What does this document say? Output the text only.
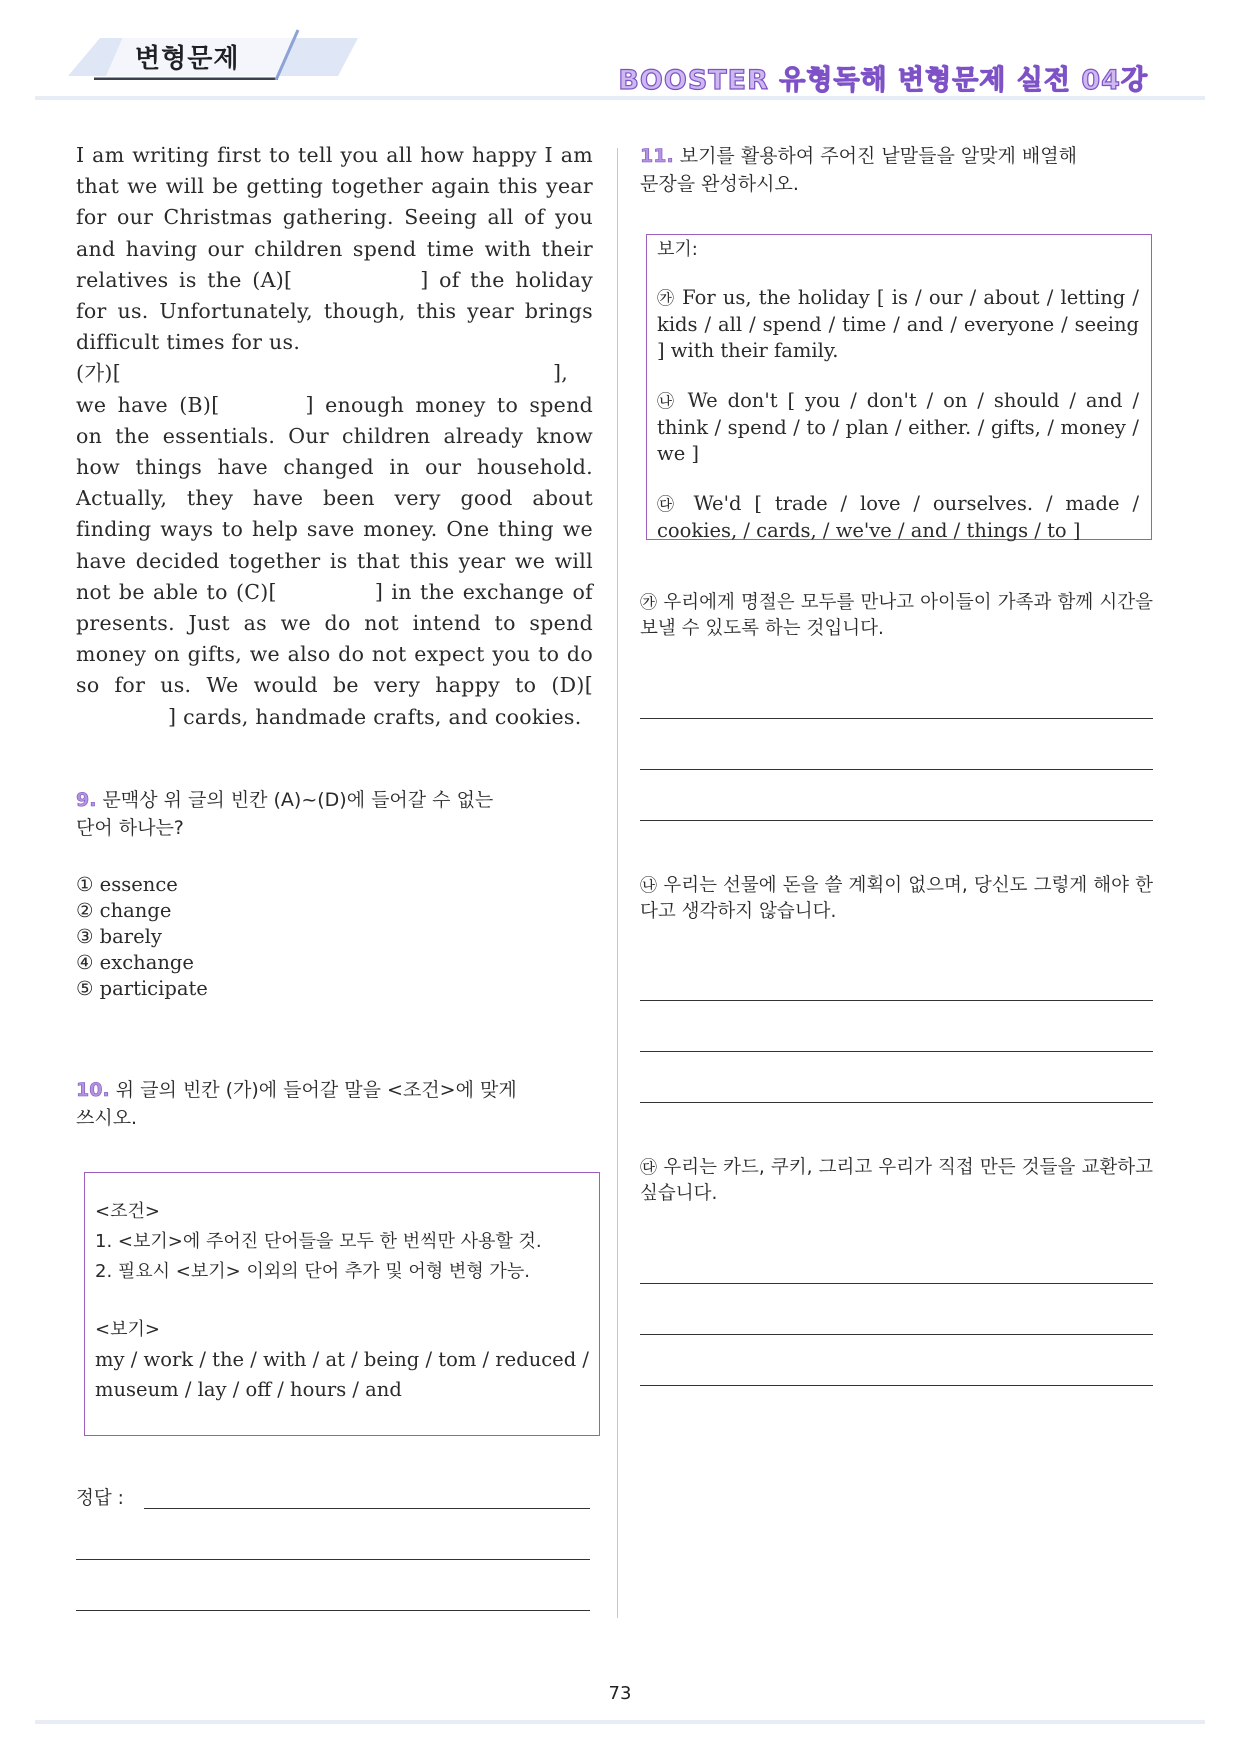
변형문제
BOOSTER 유형독해 변형문제 실전 04강
I am writing first to tell you all how happy I am that we will be getting together again this year for our Christmas gathering. Seeing all of you and having our children spend time with their relatives is the (A)[	] of the holiday for us. Unfortunately, though, this year brings difficult times for us.
(가)[	],
we have (B)[	] enough money to spend on the essentials. Our children already know how things have changed in our household. Actually, they have been very good about finding ways to help save money. One thing we have decided together is that this year we will not be able to (C)[	] in the exchange of presents. Just as we do not intend to spend money on gifts, we also do not expect you to do so for us. We would be very happy to (D)[] cards, handmade crafts, and cookies.
9. 문맥상 위 글의 빈칸 (A)~(D)에 들어갈 수 없는
단어 하나는?
① essence
② change
③ barely
④ exchange
⑤ participate
10. 위 글의 빈칸 (가)에 들어갈 말을 <조건>에 맞게
쓰시오.
<조건>
1. <보기>에 주어진 단어들을 모두 한 번씩만 사용할 것.
2. 필요시 <보기> 이외의 단어 추가 및 어형 변형 가능.
<보기>
my / work / the / with / at / being / tom / reduced / museum / lay / off / hours / and
정답 :
11. 보기를 활용하여 주어진 낱말들을 알맞게 배열해
문장을 완성하시오.
보기:
㉮ For us, the holiday [ is / our / about / letting / kids / all / spend / time / and / everyone / seeing ] with their family.
㉯ We don't [ you / don't / on / should / and / think / spend / to / plan / either. / gifts, / money / we ]
㉰ We'd [ trade / love / ourselves. / made / cookies, / cards, / we've / and / things / to ]
㉮ 우리에게 명절은 모두를 만나고 아이들이 가족과 함께 시간을 보낼 수 있도록 하는 것입니다.
㉯ 우리는 선물에 돈을 쓸 계획이 없으며, 당신도 그렇게 해야 한다고 생각하지 않습니다.
㉰ 우리는 카드, 쿠키, 그리고 우리가 직접 만든 것들을 교환하고 싶습니다.
73
